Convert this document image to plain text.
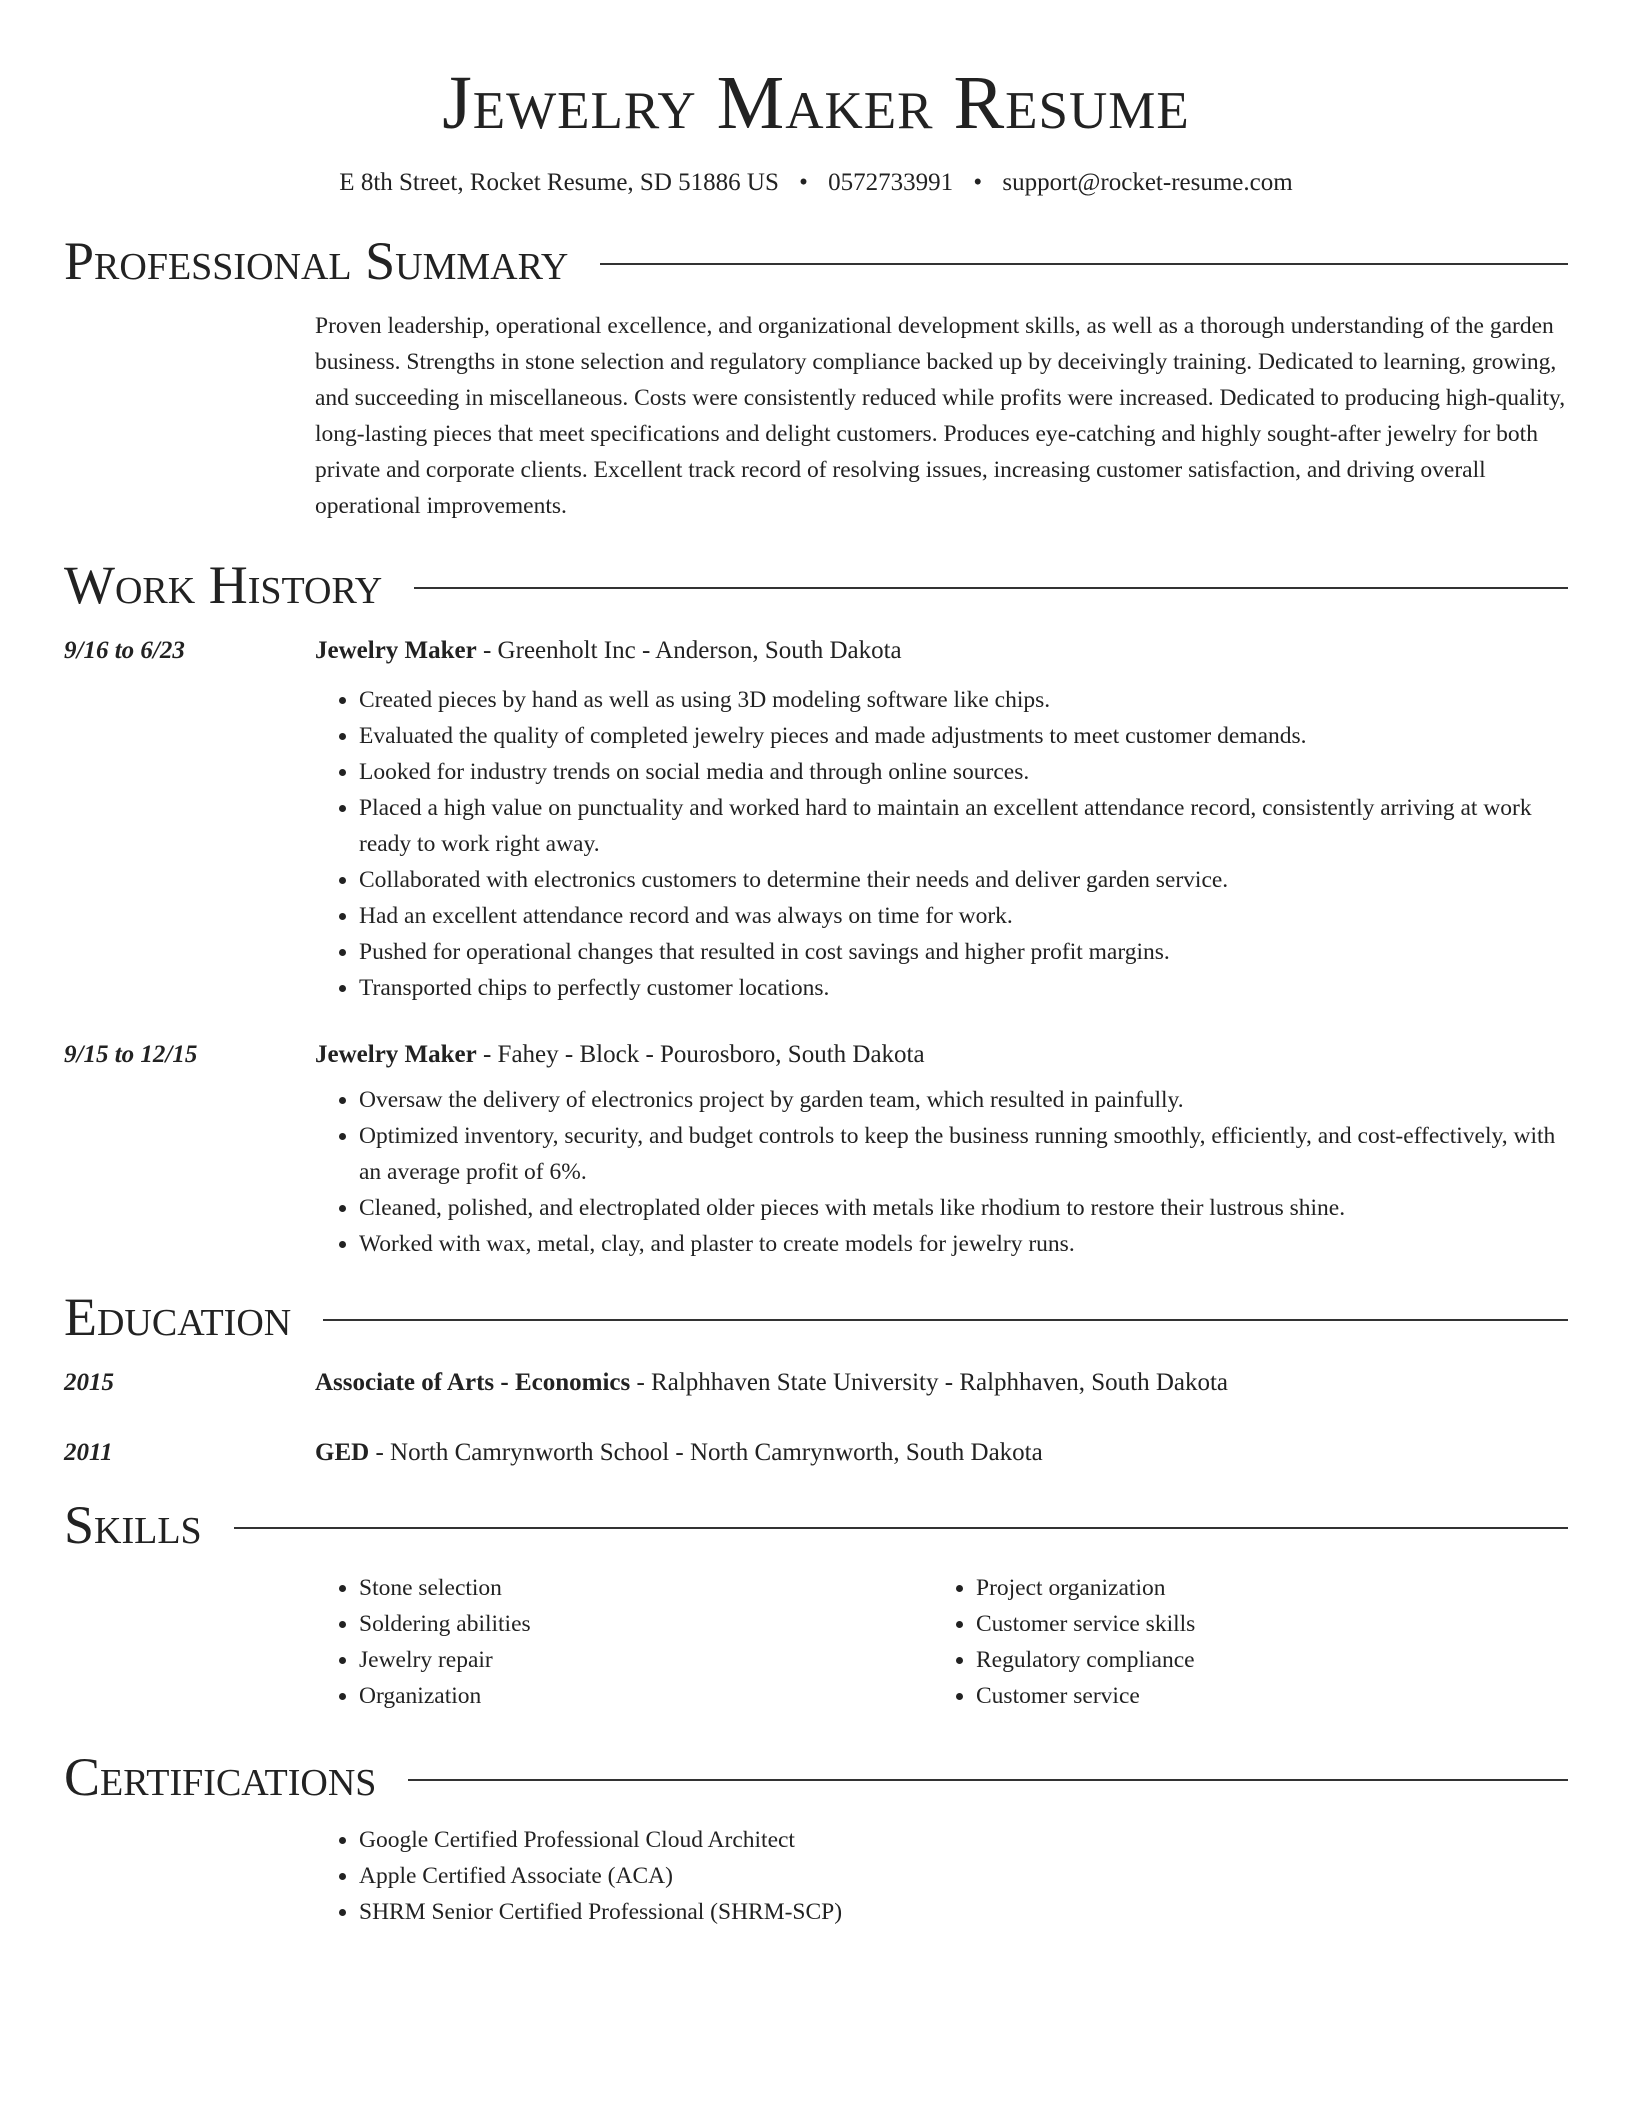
Jewelry Maker Resume
E 8th Street, Rocket Resume, SD 51886 US • 0572733991 • support@rocket-resume.com
Professional Summary
Proven leadership, operational excellence, and organizational development skills, as well as a thorough understanding of the garden business. Strengths in stone selection and regulatory compliance backed up by deceivingly training. Dedicated to learning, growing, and succeeding in miscellaneous. Costs were consistently reduced while profits were increased. Dedicated to producing high-quality, long-lasting pieces that meet specifications and delight customers. Produces eye-catching and highly sought-after jewelry for both private and corporate clients. Excellent track record of resolving issues, increasing customer satisfaction, and driving overall operational improvements.
Work History
9/16 to 6/23	Jewelry Maker - Greenholt Inc - Anderson, South Dakota
• Created pieces by hand as well as using 3D modeling software like chips.
• Evaluated the quality of completed jewelry pieces and made adjustments to meet customer demands.
• Looked for industry trends on social media and through online sources.
• Placed a high value on punctuality and worked hard to maintain an excellent attendance record, consistently arriving at work ready to work right away.
• Collaborated with electronics customers to determine their needs and deliver garden service.
• Had an excellent attendance record and was always on time for work.
• Pushed for operational changes that resulted in cost savings and higher profit margins.
• Transported chips to perfectly customer locations.
9/15 to 12/15	Jewelry Maker - Fahey - Block - Pourosboro, South Dakota
• Oversaw the delivery of electronics project by garden team, which resulted in painfully.
• Optimized inventory, security, and budget controls to keep the business running smoothly, efficiently, and cost-effectively, with an average profit of 6%.
• Cleaned, polished, and electroplated older pieces with metals like rhodium to restore their lustrous shine.
• Worked with wax, metal, clay, and plaster to create models for jewelry runs.
Education
2015	Associate of Arts - Economics - Ralphhaven State University - Ralphhaven, South Dakota
2011	GED - North Camrynworth School - North Camrynworth, South Dakota
Skills
• Stone selection
• Soldering abilities
• Jewelry repair
• Organization
• Project organization
• Customer service skills
• Regulatory compliance
• Customer service
Certifications
• Google Certified Professional Cloud Architect
• Apple Certified Associate (ACA)
• SHRM Senior Certified Professional (SHRM-SCP)
